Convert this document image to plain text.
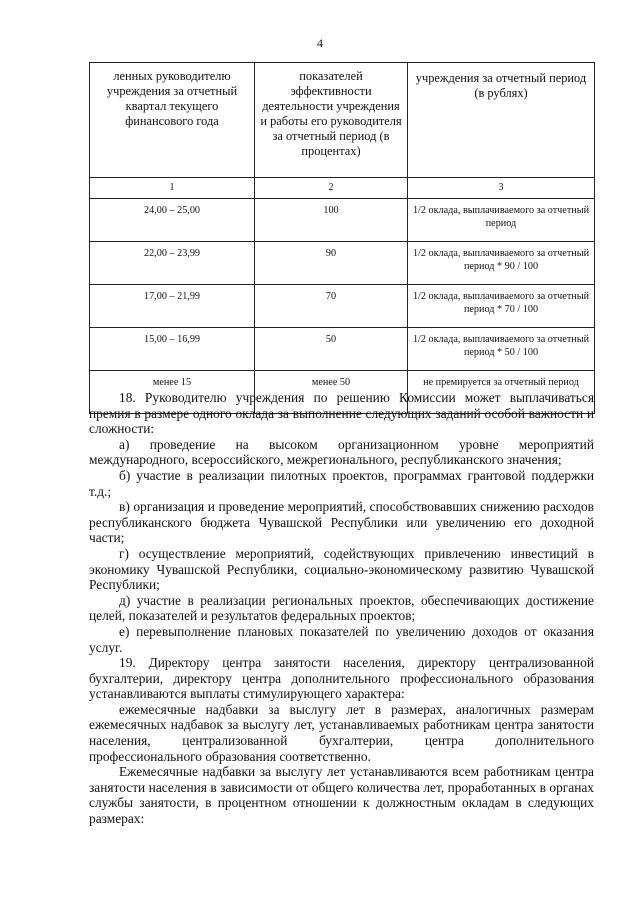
4
ленных руководителю учреждения за отчетный квартал текущего финансового года	показателей эффективности деятельности учреждения и работы его руководителя за отчетный период (в процентах)	учреждения за отчетный период (в рублях)
1	2	3
24,00 – 25,00	100	1/2 оклада, выплачиваемого за отчетный период
22,00 – 23,99	90	1/2 оклада, выплачиваемого за отчетный период * 90 / 100
17,00 – 21,99	70	1/2 оклада, выплачиваемого за отчетный период * 70 / 100
15,00 – 16,99	50	1/2 оклада, выплачиваемого за отчетный период * 50 / 100
менее 15	менее 50	не премируется за отчетный период

18. Руководителю учреждения по решению Комиссии может выплачиваться премия в размере одного оклада за выполнение следующих заданий особой важности и сложности:

а) проведение на высоком организационном уровне мероприятий международного, всероссийского, межрегионального, республиканского значения;

б) участие в реализации пилотных проектов, программах грантовой поддержки т.д.;

в) организация и проведение мероприятий, способствовавших снижению расходов республиканского бюджета Чувашской Республики или увеличению его доходной части;

г) осуществление мероприятий, содействующих привлечению инвестиций в экономику Чувашской Республики, социально-экономическому развитию Чувашской Республики;

д) участие в реализации региональных проектов, обеспечивающих достижение целей, показателей и результатов федеральных проектов;

е) перевыполнение плановых показателей по увеличению доходов от оказания услуг.

19. Директору центра занятости населения, директору централизованной бухгалтерии, директору центра дополнительного профессионального образования устанавливаются выплаты стимулирующего характера:

ежемесячные надбавки за выслугу лет в размерах, аналогичных размерам ежемесячных надбавок за выслугу лет, устанавливаемых работникам центра занятости населения, централизованной бухгалтерии, центра дополнительного профессионального образования соответственно.

Ежемесячные надбавки за выслугу лет устанавливаются всем работникам центра занятости населения в зависимости от общего количества лет, проработанных в органах службы занятости, в процентном отношении к должностным окладам в следующих размерах:
